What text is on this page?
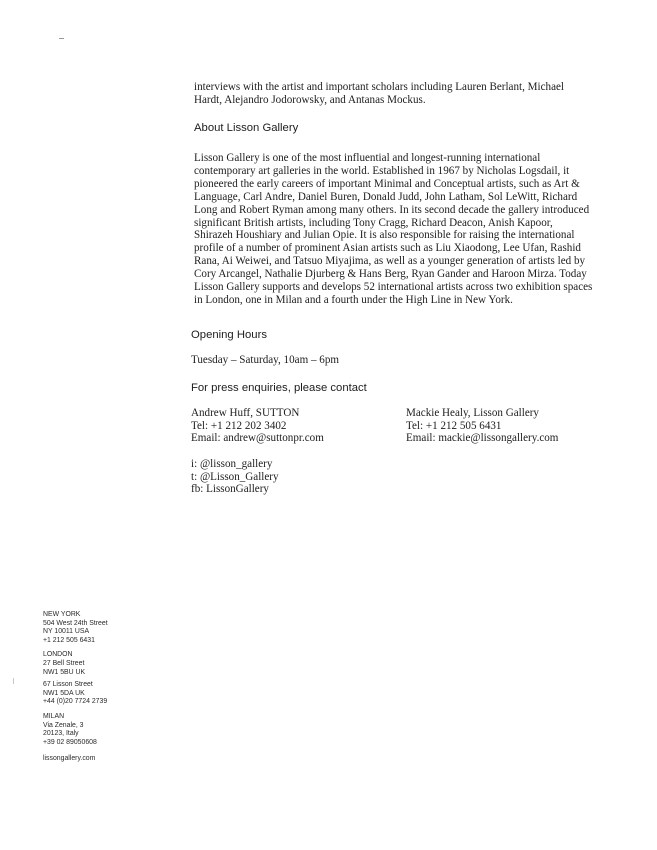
interviews with the artist and important scholars including Lauren Berlant, Michael Hardt, Alejandro Jodorowsky, and Antanas Mockus.

About Lisson Gallery

Lisson Gallery is one of the most influential and longest-running international contemporary art galleries in the world. Established in 1967 by Nicholas Logsdail, it pioneered the early careers of important Minimal and Conceptual artists, such as Art & Language, Carl Andre, Daniel Buren, Donald Judd, John Latham, Sol LeWitt, Richard Long and Robert Ryman among many others. In its second decade the gallery introduced significant British artists, including Tony Cragg, Richard Deacon, Anish Kapoor, Shirazeh Houshiary and Julian Opie. It is also responsible for raising the international profile of a number of prominent Asian artists such as Liu Xiaodong, Lee Ufan, Rashid Rana, Ai Weiwei, and Tatsuo Miyajima, as well as a younger generation of artists led by Cory Arcangel, Nathalie Djurberg & Hans Berg, Ryan Gander and Haroon Mirza. Today Lisson Gallery supports and develops 52 international artists across two exhibition spaces in London, one in Milan and a fourth under the High Line in New York.

Opening Hours

Tuesday – Saturday, 10am – 6pm

For press enquiries, please contact
Andrew Huff, SUTTON
Tel: +1 212 202 3402
Email: andrew@suttonpr.com
Mackie Healy, Lisson Gallery
Tel: +1 212 505 6431
Email: mackie@lissongallery.com
i: @lisson_gallery
t: @Lisson_Gallery
fb: LissonGallery
NEW YORK
504 West 24th Street
NY 10011 USA
+1 212 505 6431
LONDON
27 Bell Street
NW1 5BU UK
67 Lisson Street
NW1 5DA UK
+44 (0)20 7724 2739
MILAN
Via Zenale, 3
20123, Italy
+39 02 89050608
lissongallery.com
